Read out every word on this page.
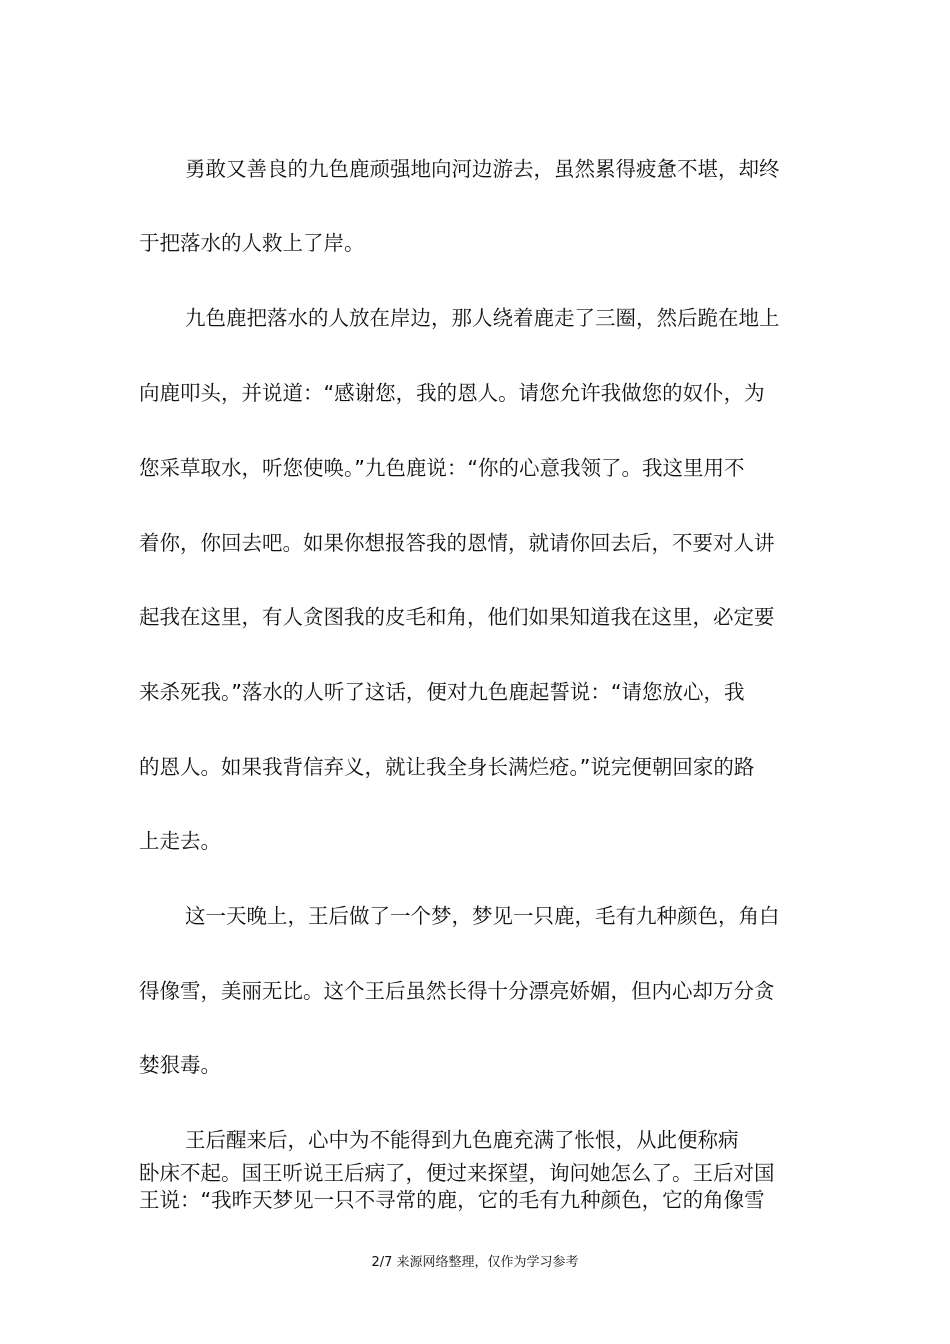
勇敢又善良的九色鹿顽强地向河边游去，虽然累得疲惫不堪，却终

于把落水的人救上了岸。

九色鹿把落水的人放在岸边，那人绕着鹿走了三圈，然后跪在地上

向鹿叩头，并说道：“感谢您，我的恩人。请您允许我做您的奴仆，为

您采草取水，听您使唤。”九色鹿说：“你的心意我领了。我这里用不

着你，你回去吧。如果你想报答我的恩情，就请你回去后，不要对人讲

起我在这里，有人贪图我的皮毛和角，他们如果知道我在这里，必定要

来杀死我。”落水的人听了这话，便对九色鹿起誓说：“请您放心，我

的恩人。如果我背信弃义，就让我全身长满烂疮。”说完便朝回家的路

上走去。

这一天晚上，王后做了一个梦，梦见一只鹿，毛有九种颜色，角白

得像雪，美丽无比。这个王后虽然长得十分漂亮娇媚，但内心却万分贪

婪狠毒。

王后醒来后，心中为不能得到九色鹿充满了怅恨，从此便称病

卧床不起。国王听说王后病了，便过来探望，询问她怎么了。王后对国

王说：“我昨天梦见一只不寻常的鹿，它的毛有九种颜色，它的角像雪

2/7 来源网络整理，仅作为学习参考
